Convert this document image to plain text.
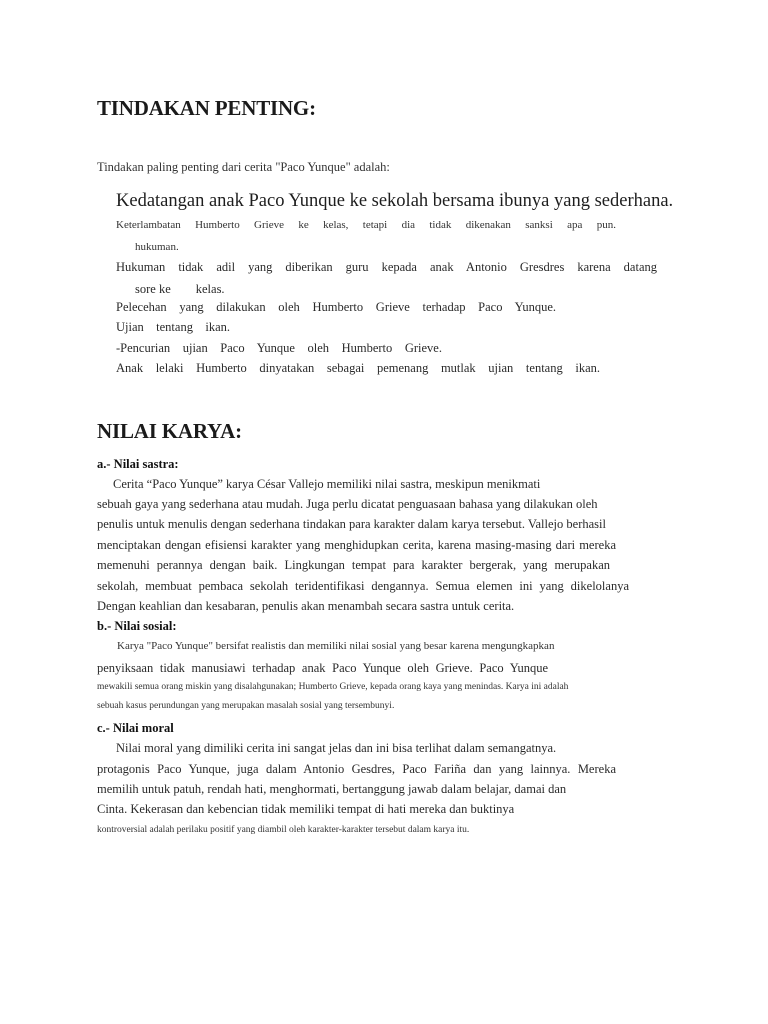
TINDAKAN PENTING:
Tindakan paling penting dari cerita "Paco Yunque" adalah:
Kedatangan anak Paco Yunque ke sekolah bersama ibunya yang sederhana.
Keterlambatan Humberto Grieve ke kelas, tetapi dia tidak dikenakan sanksi apa pun.
hukuman.
Hukuman tidak adil yang diberikan guru kepada anak Antonio Gresdres karena datang
sore ke        kelas.
Pelecehan yang dilakukan oleh Humberto Grieve terhadap Paco Yunque.
Ujian tentang ikan.
-Pencurian ujian Paco Yunque oleh Humberto Grieve.
Anak lelaki Humberto dinyatakan sebagai pemenang mutlak ujian tentang ikan.
NILAI KARYA:
a.- Nilai sastra:
Cerita “Paco Yunque” karya César Vallejo memiliki nilai sastra, meskipun menikmati
sebuah gaya yang sederhana atau mudah. Juga perlu dicatat penguasaan bahasa yang dilakukan oleh
penulis untuk menulis dengan sederhana tindakan para karakter dalam karya tersebut. Vallejo berhasil
menciptakan dengan efisiensi karakter yang menghidupkan cerita, karena masing-masing dari mereka
memenuhi perannya dengan baik. Lingkungan tempat para karakter bergerak, yang merupakan
sekolah, membuat pembaca sekolah teridentifikasi dengannya. Semua elemen ini yang dikelolanya
Dengan keahlian dan kesabaran, penulis akan menambah secara sastra untuk cerita.
b.- Nilai sosial:
Karya "Paco Yunque" bersifat realistis dan memiliki nilai sosial yang besar karena mengungkapkan
penyiksaan tidak manusiawi terhadap anak Paco Yunque oleh Grieve. Paco Yunque
mewakili semua orang miskin yang disalahgunakan; Humberto Grieve, kepada orang kaya yang menindas. Karya ini adalah
sebuah kasus perundungan yang merupakan masalah sosial yang tersembunyi.
c.- Nilai moral
Nilai moral yang dimiliki cerita ini sangat jelas dan ini bisa terlihat dalam semangatnya.
protagonis Paco Yunque, juga dalam Antonio Gesdres, Paco Fariña dan yang lainnya. Mereka
memilih untuk patuh, rendah hati, menghormati, bertanggung jawab dalam belajar, damai dan
Cinta. Kekerasan dan kebencian tidak memiliki tempat di hati mereka dan buktinya
kontroversial adalah perilaku positif yang diambil oleh karakter-karakter tersebut dalam karya itu.
